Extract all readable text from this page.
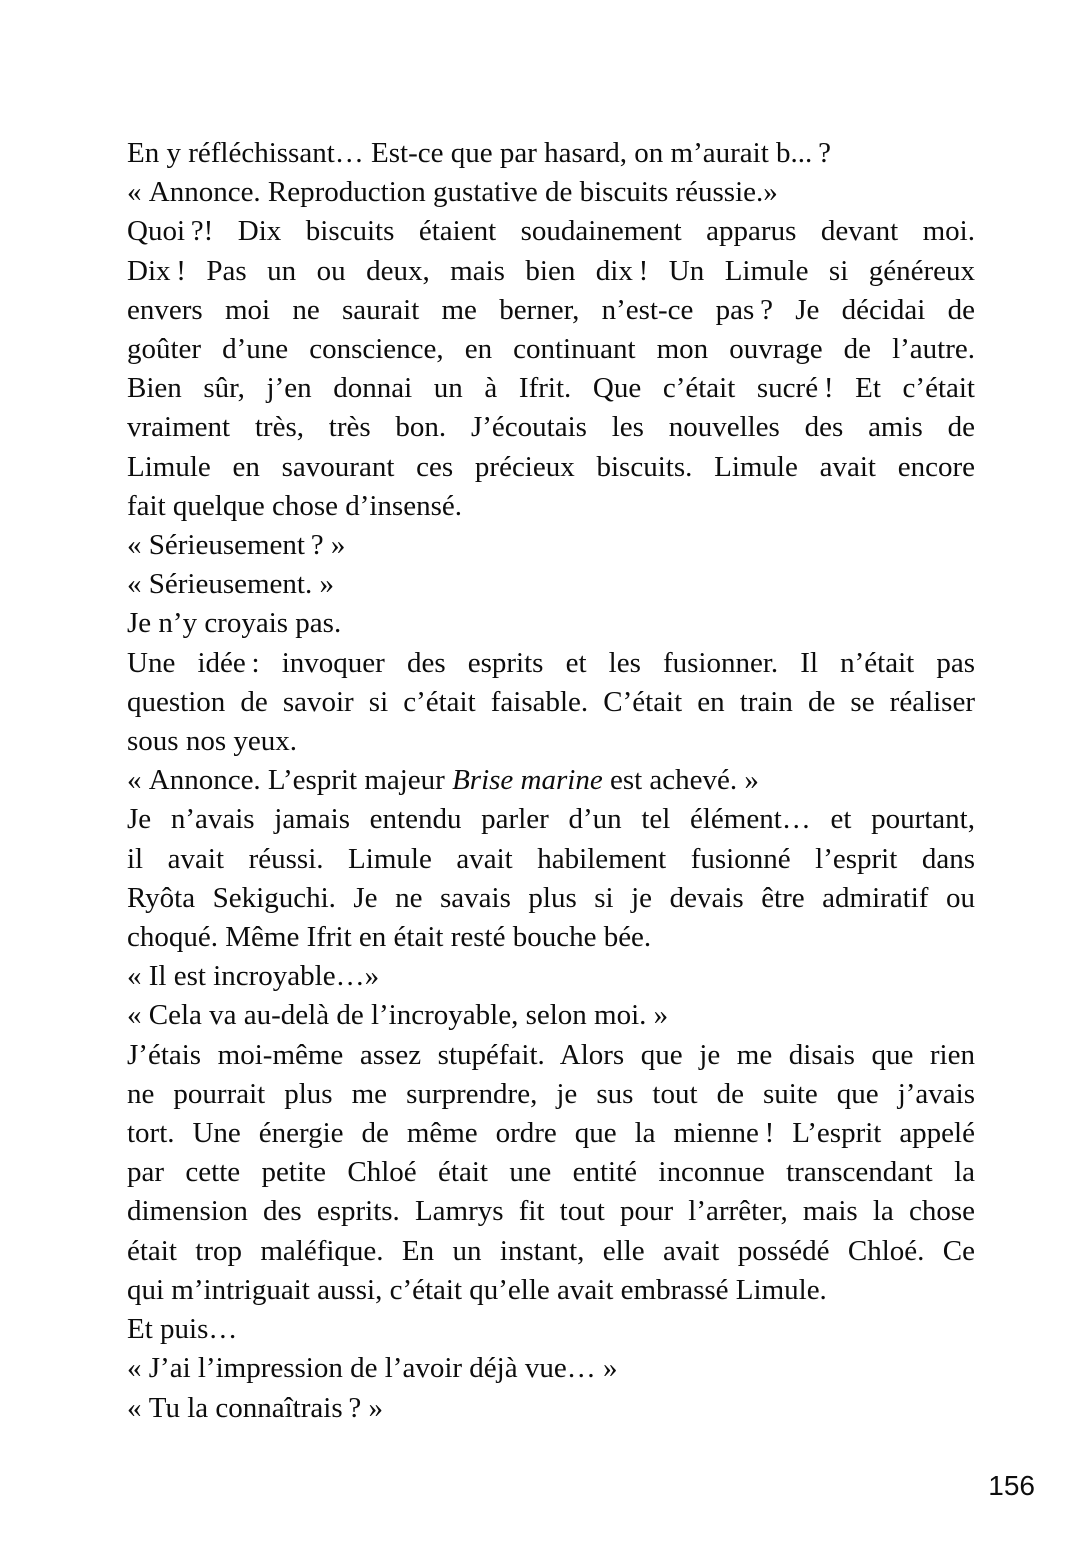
En y réfléchissant… Est-ce que par hasard, on m’aurait b... ?
« Annonce. Reproduction gustative de biscuits réussie.»
Quoi ?! Dix biscuits étaient soudainement apparus devant moi.
Dix ! Pas un ou deux, mais bien dix ! Un Limule si généreux
envers moi ne saurait me berner, n’est-ce pas ? Je décidai de
goûter d’une conscience, en continuant mon ouvrage de l’autre.
Bien sûr, j’en donnai un à Ifrit. Que c’était sucré ! Et c’était
vraiment très, très bon. J’écoutais les nouvelles des amis de
Limule en savourant ces précieux biscuits. Limule avait encore
fait quelque chose d’insensé.
« Sérieusement ? »
« Sérieusement. »
Je n’y croyais pas.
Une idée : invoquer des esprits et les fusionner. Il n’était pas
question de savoir si c’était faisable. C’était en train de se réaliser
sous nos yeux.
« Annonce. L’esprit majeur Brise marine est achevé. »
Je n’avais jamais entendu parler d’un tel élément… et pourtant,
il avait réussi. Limule avait habilement fusionné l’esprit dans
Ryôta Sekiguchi. Je ne savais plus si je devais être admiratif ou
choqué. Même Ifrit en était resté bouche bée.
« Il est incroyable…»
« Cela va au-delà de l’incroyable, selon moi. »
J’étais moi-même assez stupéfait. Alors que je me disais que rien
ne pourrait plus me surprendre, je sus tout de suite que j’avais
tort. Une énergie de même ordre que la mienne ! L’esprit appelé
par cette petite Chloé était une entité inconnue transcendant la
dimension des esprits. Lamrys fit tout pour l’arrêter, mais la chose
était trop maléfique. En un instant, elle avait possédé Chloé. Ce
qui m’intriguait aussi, c’était qu’elle avait embrassé Limule.
Et puis…
« J’ai l’impression de l’avoir déjà vue… »
« Tu la connaîtrais ? »
156
